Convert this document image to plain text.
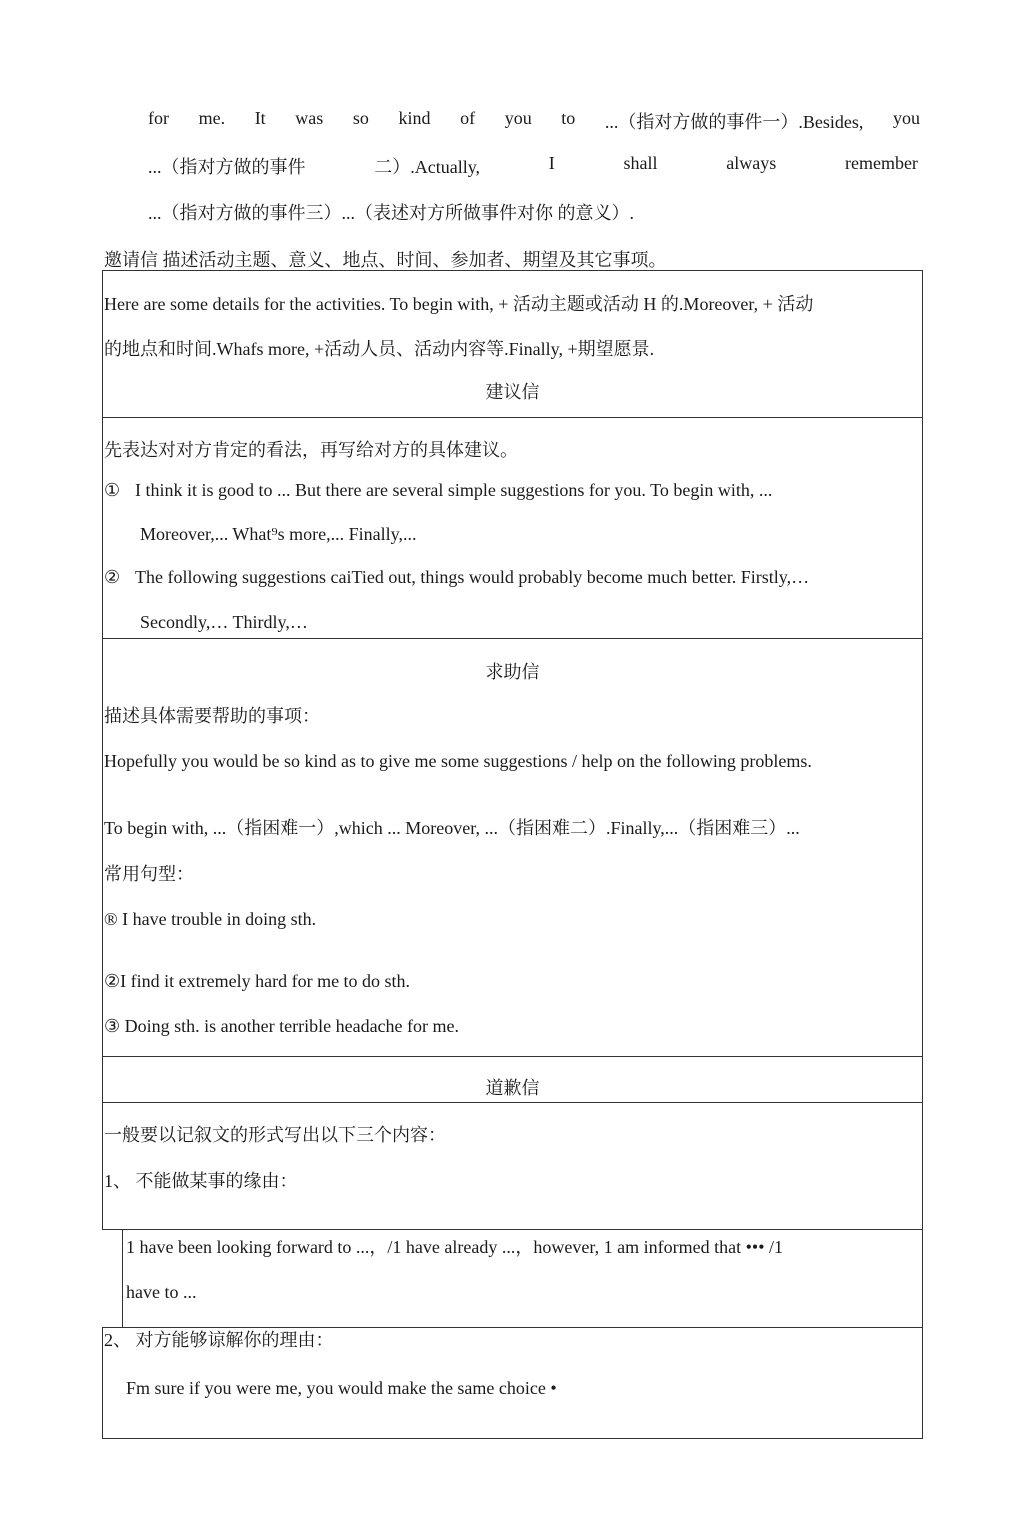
for me. It was so kind of you to ...（指对方做的事件一）.Besides, you
...（指对方做的事件	二）.Actually,	I	shall	always	remember
...（指对方做的事件三）...（表述对方所做事件对你 的意义）.
邀请信 描述活动主题、意义、地点、时间、参加者、期望及其它事项。
Here are some details for the activities. To begin with, + 活动主题或活动 H 的.Moreover, + 活动
的地点和时间.Whafs more, +活动人员、活动内容等.Finally, +期望愿景.
建议信
先表达对对方肯定的看法，再写给对方的具体建议。
① I think it is good to ... But there are several simple suggestions for you. To begin with, ...
Moreover,... What⁹s more,... Finally,...
② The following suggestions caiTied out, things would probably become much better. Firstly,…
Secondly,… Thirdly,…
求助信
描述具体需要帮助的事项：
Hopefully you would be so kind as to give me some suggestions / help on the following problems.
To begin with, ...（指困难一）,which ... Moreover, ...（指困难二）.Finally,...（指困难三）...
常用句型：
® I have trouble in doing sth.
②I find it extremely hard for me to do sth.
③ Doing sth. is another terrible headache for me.
道歉信
一般要以记叙文的形式写出以下三个内容：
1、 不能做某事的缘由：
1 have been looking forward to ...，/1 have already ...，however, 1 am informed that ••• /1
have to ...
2、 对方能够谅解你的理由：
Fm sure if you were me, you would make the same choice •
